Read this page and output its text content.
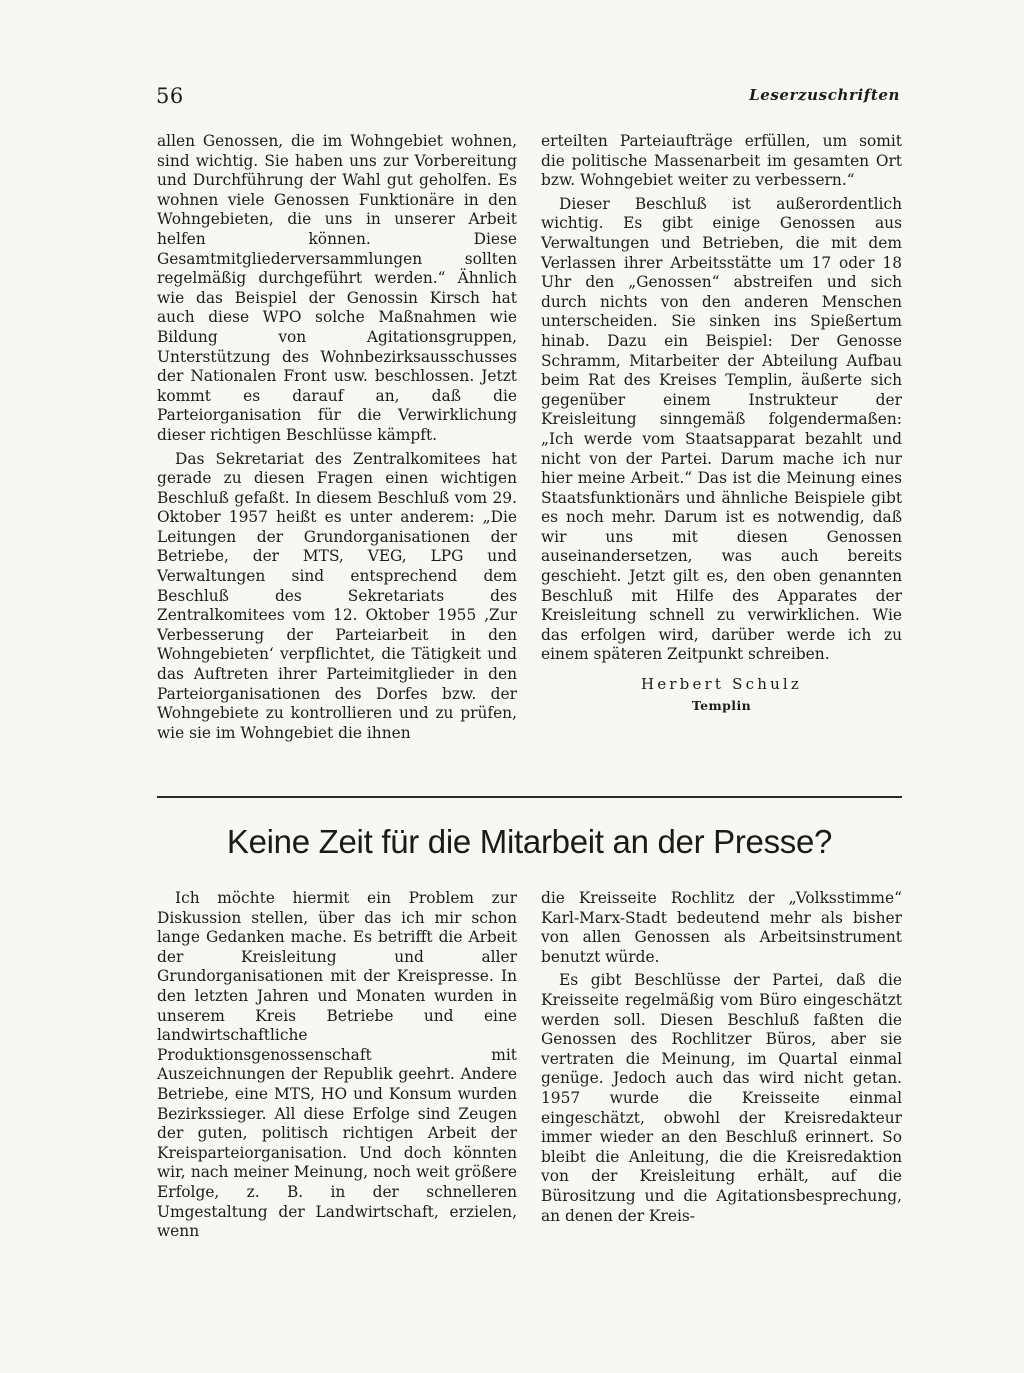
56	Leserzuschriften

allen Genossen, die im Wohngebiet wohnen, sind wichtig. Sie haben uns zur Vorbereitung und Durchführung der Wahl gut geholfen. Es wohnen viele Genossen Funktionäre in den Wohngebieten, die uns in unserer Arbeit helfen können. Diese Gesamtmitgliederversammlungen sollten regelmäßig durchgeführt werden.“ Ähnlich wie das Beispiel der Genossin Kirsch hat auch diese WPO solche Maßnahmen wie Bildung von Agitationsgruppen, Unterstützung des Wohnbezirksausschusses der Nationalen Front usw. beschlossen. Jetzt kommt es darauf an, daß die Parteiorganisation für die Verwirklichung dieser richtigen Beschlüsse kämpft.

Das Sekretariat des Zentralkomitees hat gerade zu diesen Fragen einen wichtigen Beschluß gefaßt. In diesem Beschluß vom 29. Oktober 1957 heißt es unter anderem: „Die Leitungen der Grundorganisationen der Betriebe, der MTS, VEG, LPG und Verwaltungen sind entsprechend dem Beschluß des Sekretariats des Zentralkomitees vom 12. Oktober 1955 ‚Zur Verbesserung der Parteiarbeit in den Wohngebieten‘ verpflichtet, die Tätigkeit und das Auftreten ihrer Parteimitglieder in den Parteiorganisationen des Dorfes bzw. der Wohngebiete zu kontrollieren und zu prüfen, wie sie im Wohngebiet die ihnen

erteilten Parteiaufträge erfüllen, um somit die politische Massenarbeit im gesamten Ort bzw. Wohngebiet weiter zu verbessern.“

Dieser Beschluß ist außerordentlich wichtig. Es gibt einige Genossen aus Verwaltungen und Betrieben, die mit dem Verlassen ihrer Arbeitsstätte um 17 oder 18 Uhr den „Genossen“ abstreifen und sich durch nichts von den anderen Menschen unterscheiden. Sie sinken ins Spießertum hinab. Dazu ein Beispiel: Der Genosse Schramm, Mitarbeiter der Abteilung Aufbau beim Rat des Kreises Templin, äußerte sich gegenüber einem Instrukteur der Kreisleitung sinngemäß folgendermaßen: „Ich werde vom Staatsapparat bezahlt und nicht von der Partei. Darum mache ich nur hier meine Arbeit.“ Das ist die Meinung eines Staatsfunktionärs und ähnliche Beispiele gibt es noch mehr. Darum ist es notwendig, daß wir uns mit diesen Genossen auseinandersetzen, was auch bereits geschieht. Jetzt gilt es, den oben genannten Beschluß mit Hilfe des Apparates der Kreisleitung schnell zu verwirklichen. Wie das erfolgen wird, darüber werde ich zu einem späteren Zeitpunkt schreiben.

Herbert Schulz
Templin
Keine Zeit für die Mitarbeit an der Presse?

Ich möchte hiermit ein Problem zur Diskussion stellen, über das ich mir schon lange Gedanken mache. Es betrifft die Arbeit der Kreisleitung und aller Grundorganisationen mit der Kreispresse. In den letzten Jahren und Monaten wurden in unserem Kreis Betriebe und eine landwirtschaftliche Produktionsgenossenschaft mit Auszeichnungen der Republik geehrt. Andere Betriebe, eine MTS, HO und Konsum wurden Bezirkssieger. All diese Erfolge sind Zeugen der guten, politisch richtigen Arbeit der Kreisparteiorganisation. Und doch könnten wir, nach meiner Meinung, noch weit größere Erfolge, z. B. in der schnelleren Umgestaltung der Landwirtschaft, erzielen, wenn

die Kreisseite Rochlitz der „Volksstimme“ Karl-Marx-Stadt bedeutend mehr als bisher von allen Genossen als Arbeitsinstrument benutzt würde.

Es gibt Beschlüsse der Partei, daß die Kreisseite regelmäßig vom Büro eingeschätzt werden soll. Diesen Beschluß faßten die Genossen des Rochlitzer Büros, aber sie vertraten die Meinung, im Quartal einmal genüge. Jedoch auch das wird nicht getan. 1957 wurde die Kreisseite einmal eingeschätzt, obwohl der Kreisredakteur immer wieder an den Beschluß erinnert. So bleibt die Anleitung, die die Kreisredaktion von der Kreisleitung erhält, auf die Bürositzung und die Agitationsbesprechung, an denen der Kreis-
